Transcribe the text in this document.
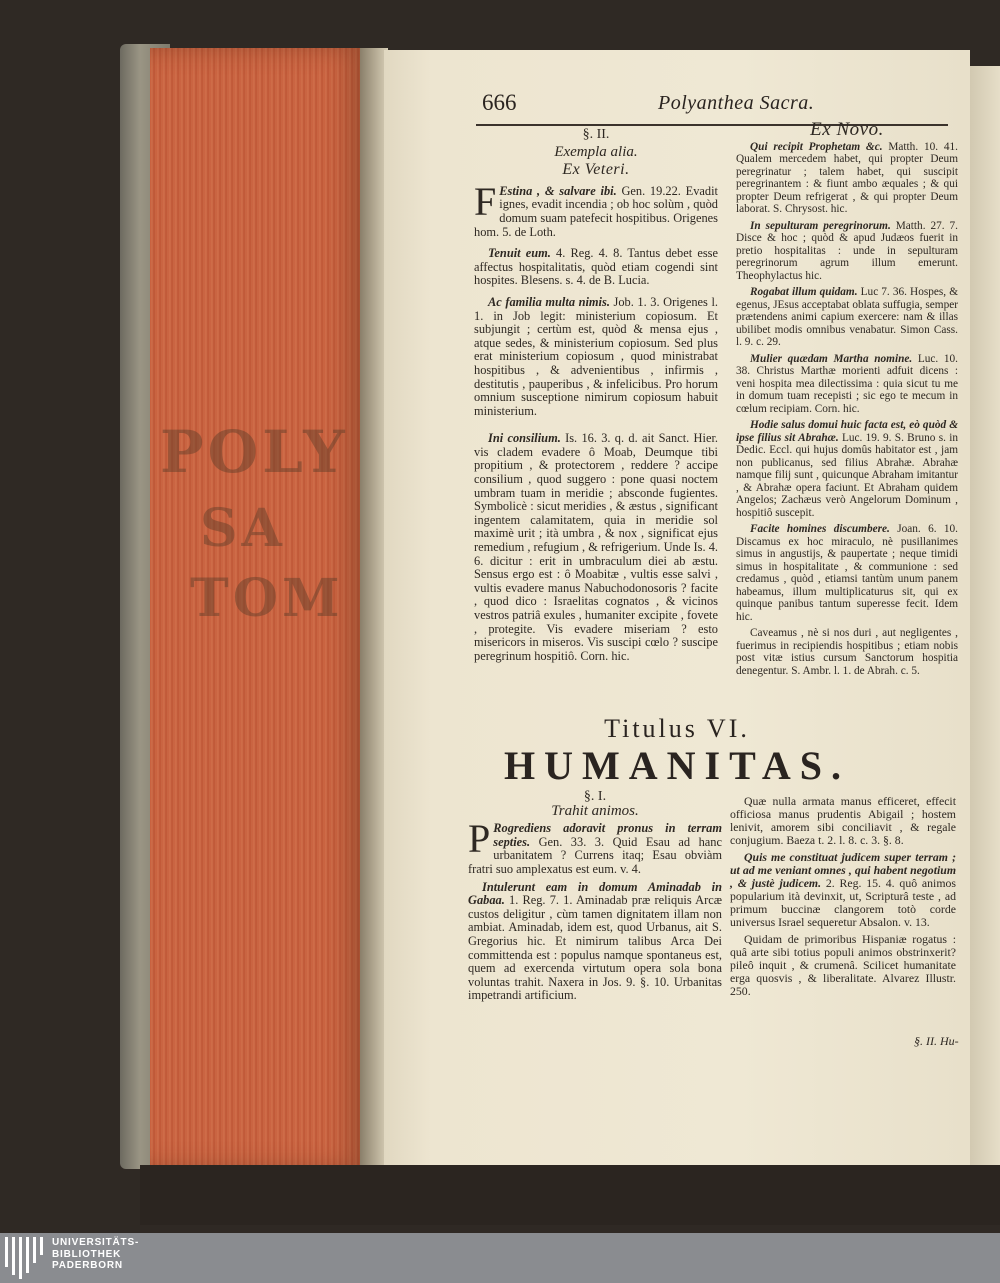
POLY
SA
TOM
666	Polyanthea Sacra.
§. II.
Exempla alia.
Ex Veteri.

F Estina , & salvare ibi. Gen. 19.22. Evadit ignes, evadit incendia ; ob hoc solùm , quòd domum suam patefecit hospitibus. Origenes hom. 5. de Loth.

Tenuit eum. 4. Reg. 4. 8. Tantus debet esse affectus hospitalitatis, quòd etiam cogendi sint hospites. Blesens. s. 4. de B. Lucia.

Ac familia multa nimis. Job. 1. 3. Origenes l. 1. in Job legit: ministerium copiosum. Et subjungit ; certùm est, quòd & mensa ejus , atque sedes, & ministerium copiosum. Sed plus erat ministerium copiosum , quod ministrabat hospitibus , & advenientibus , infirmis , destitutis , pauperibus , & infelicibus. Pro horum omnium susceptione nimirum copiosum habuit ministerium.

Ini consilium. Is. 16. 3. q. d. ait Sanct. Hier. vis cladem evadere ô Moab, Deumque tibi propitium , & protectorem , reddere ? accipe consilium , quod suggero : pone quasi noctem umbram tuam in meridie ; absconde fugientes. Symbolicè : sicut meridies , & æstus , significant ingentem calamitatem, quia in meridie sol maximè urit ; ità umbra , & nox , significat ejus remedium , refugium , & refrigerium. Unde Is. 4. 6. dicitur : erit in umbraculum diei ab æstu. Sensus ergo est : ô Moabitæ , vultis esse salvi , vultis evadere manus Nabuchodonosoris ? facite , quod dico : Israelitas cognatos , & vicinos vestros patriâ exules , humaniter excipite , fovete , protegite. Vis evadere miseriam ? esto misericors in miseros. Vis suscipi cœlo ? suscipe peregrinum hospitiô. Corn. hic.

Ex Novo.

Qui recipit Prophetam &c. Matth. 10. 41. Qualem mercedem habet, qui propter Deum peregrinatur ; talem habet, qui suscipit peregrinantem : & fiunt ambo æquales ; & qui propter Deum refrigerat , & qui propter Deum laborat. S. Chrysost. hic.

In sepulturam peregrinorum. Matth. 27. 7. Disce & hoc ; quòd & apud Judæos fuerit in pretio hospitalitas : unde in sepulturam peregrinorum agrum illum emerunt. Theophylactus hic.

Rogabat illum quidam. Luc 7. 36. Hospes, & egenus, JEsus acceptabat oblata suffugia, semper prætendens animi capium exercere: nam & illas ubilibet modis omnibus venabatur. Simon Cass. l. 9. c. 29.

Mulier quædam Martha nomine. Luc. 10. 38. Christus Marthæ morienti adfuit dicens : veni hospita mea dilectissima : quia sicut tu me in domum tuam recepisti ; sic ego te mecum in cœlum recipiam. Corn. hic.

Hodie salus domui huic facta est, eò quòd & ipse filius sit Abrahæ. Luc. 19. 9. S. Bruno s. in Dedic. Eccl. qui hujus domûs habitator est , jam non publicanus, sed filius Abrahæ. Abrahæ namque filij sunt , quicunque Abraham imitantur , & Abrahæ opera faciunt. Et Abraham quidem Angelos; Zachæus verò Angelorum Dominum , hospitiô suscepit.

Facite homines discumbere. Joan. 6. 10. Discamus ex hoc miraculo, nè pusillanimes simus in angustijs, & paupertate ; neque timidi simus in hospitalitate , & communione : sed credamus , quòd , etiamsi tantùm unum panem habeamus, illum multiplicaturus sit, qui ex quinque panibus tantum superesse fecit. Idem hic.

Caveamus , nè si nos duri , aut negligentes , fuerimus in recipiendis hospitibus ; etiam nobis post vitæ istius cursum Sanctorum hospitia denegentur. S. Ambr. l. 1. de Abrah. c. 5.

Titulus VI.
HUMANITAS.
§. I.
Trahit animos.

P Rogrediens adoravit pronus in terram septies. Gen. 33. 3. Quid Esau ad hanc urbanitatem ? Currens itaq; Esau obviàm fratri suo amplexatus est eum. v. 4.

Intulerunt eam in domum Aminadab in Gabaa. 1. Reg. 7. 1. Aminadab præ reliquis Arcæ custos deligitur , cùm tamen dignitatem illam non ambiat. Aminadab, idem est, quod Urbanus, ait S. Gregorius hic. Et nimirum talibus Arca Dei committenda est : populus namque spontaneus est, quem ad exercenda virtutum opera sola bona voluntas trahit. Naxera in Jos. 9. §. 10. Urbanitas impetrandi artificium.

Quæ nulla armata manus efficeret, effecit officiosa manus prudentis Abigail ; hostem lenivit, amorem sibi conciliavit , & regale conjugium. Baeza t. 2. l. 8. c. 3. §. 8.

Quis me constituat judicem super terram ; ut ad me veniant omnes , qui habent negotium , & justè judicem. 2. Reg. 15. 4. quô animos popularium ità devinxit, ut, Scripturâ teste , ad primum buccinæ clangorem totò corde universus Israel sequeretur Absalon. v. 13.

Quidam de primoribus Hispaniæ rogatus : quâ arte sibi totius populi animos obstrinxerit? pileô inquit , & crumenâ. Scilicet humanitate erga quosvis , & liberalitate. Alvarez Illustr. 250.

§. II. Hu-
UNIVERSITÄTS-
BIBLIOTHEK
PADERBORN
